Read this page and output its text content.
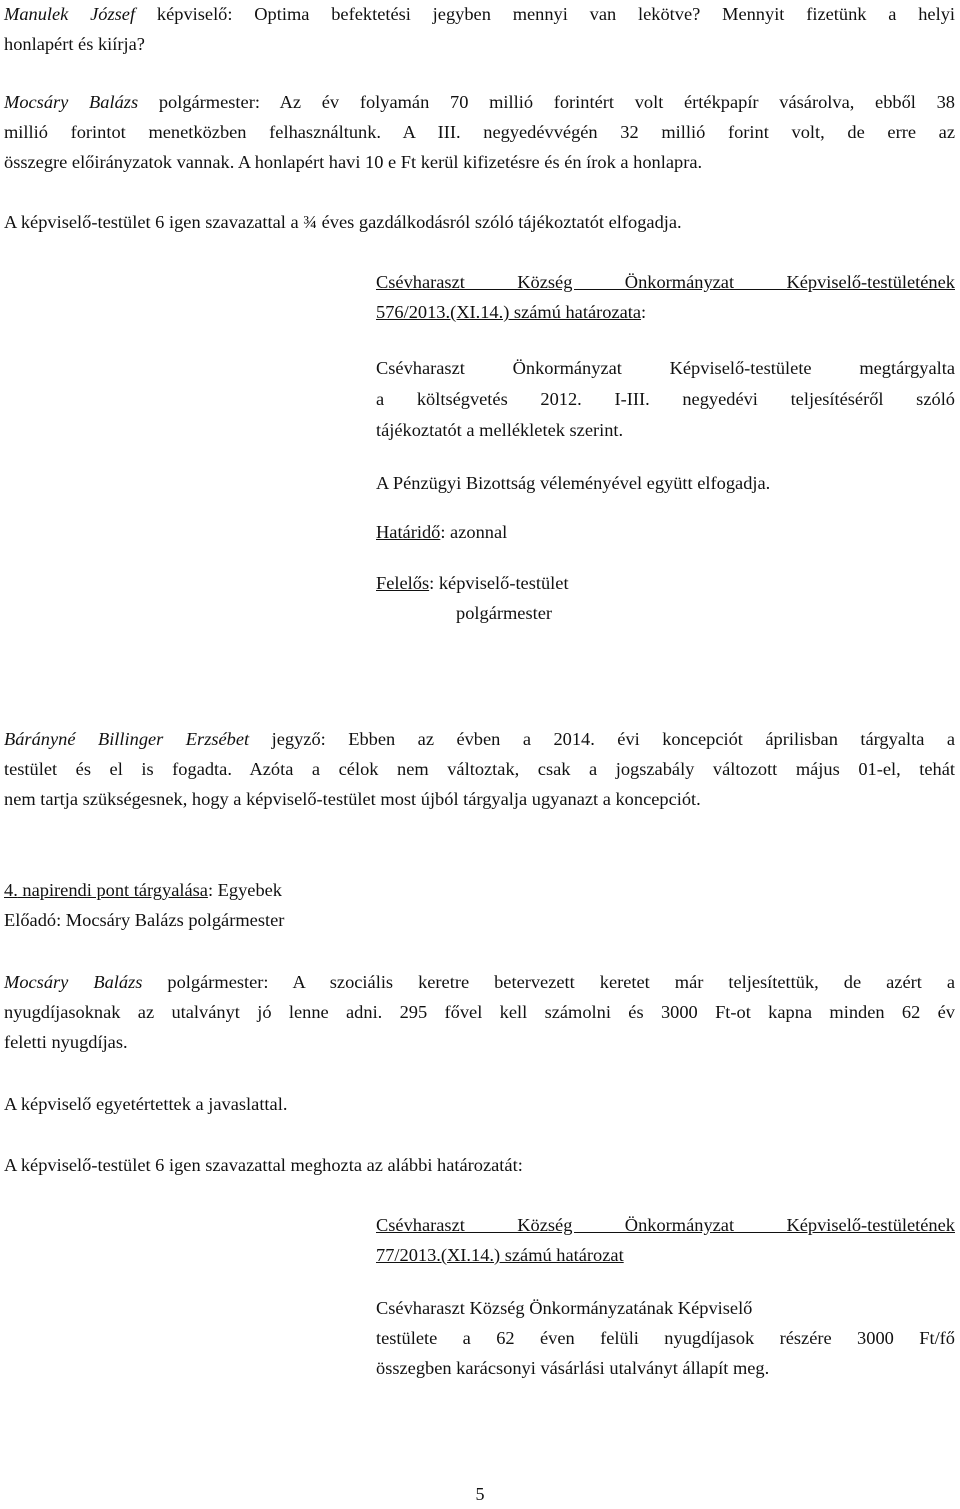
Manulek József képviselő: Optima befektetési jegyben mennyi van lekötve? Mennyit fizetünk a helyi
honlapért és kiírja?
Mocsáry Balázs polgármester: Az év folyamán 70 millió forintért volt értékpapír vásárolva, ebből 38
millió forintot menetközben felhasználtunk. A III. negyedévvégén 32 millió forint volt, de erre az
összegre előirányzatok vannak. A honlapért havi 10 e Ft kerül kifizetésre és én írok a honlapra.
A képviselő-testület 6 igen szavazattal a ¾ éves gazdálkodásról szóló tájékoztatót elfogadja.
Csévharaszt Község Önkormányzat Képviselő-testületének
576/2013.(XI.14.) számú határozata:
Csévharaszt Önkormányzat Képviselő-testülete megtárgyalta
a költségvetés 2012. I-III. negyedévi teljesítéséről szóló
tájékoztatót a mellékletek szerint.
A Pénzügyi Bizottság véleményével együtt elfogadja.
Határidő: azonnal
Felelős: képviselő-testület
polgármester
Bárányné Billinger Erzsébet jegyző: Ebben az évben a 2014. évi koncepciót áprilisban tárgyalta a
testület és el is fogadta. Azóta a célok nem változtak, csak a jogszabály változott május 01-el, tehát
nem tartja szükségesnek, hogy a képviselő-testület most újból tárgyalja ugyanazt a koncepciót.
4. napirendi pont tárgyalása: Egyebek
Előadó: Mocsáry Balázs polgármester
Mocsáry Balázs polgármester: A szociális keretre betervezett keretet már teljesítettük, de azért a
nyugdíjasoknak az utalványt jó lenne adni. 295 fővel kell számolni és 3000 Ft-ot kapna minden 62 év
feletti nyugdíjas.
A képviselő egyetértettek a javaslattal.
A képviselő-testület 6 igen szavazattal meghozta az alábbi határozatát:
Csévharaszt Község Önkormányzat Képviselő-testületének
77/2013.(XI.14.) számú határozat
Csévharaszt Község Önkormányzatának Képviselő
testülete a 62 éven felüli nyugdíjasok részére 3000 Ft/fő
összegben karácsonyi vásárlási utalványt állapít meg.
5
